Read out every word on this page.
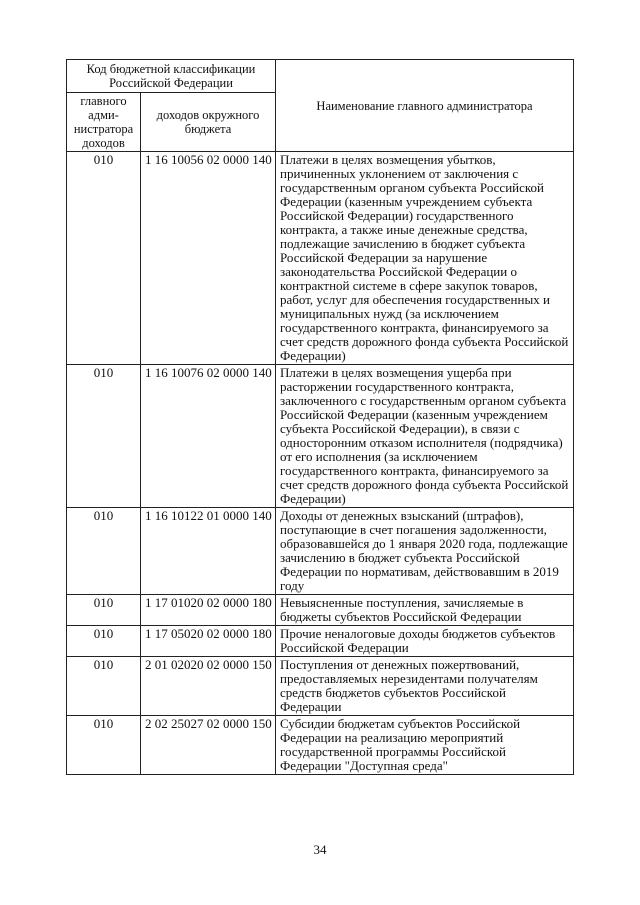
Код бюджетной классификации Российской Федерации		Наименование главного администратора
главного адми-нистратора доходов	доходов окружного бюджета	
010	1 16 10056 02 0000 140	Платежи в целях возмещения убытков, причиненных уклонением от заключения с государственным органом субъекта Российской Федерации (казенным учреждением субъекта Российской Федерации) государственного контракта, а также иные денежные средства, подлежащие зачислению в бюджет субъекта Российской Федерации за нарушение законодательства Российской Федерации о контрактной системе в сфере закупок товаров, работ, услуг для обеспечения государственных и муниципальных нужд (за исключением государственного контракта, финансируемого за счет средств дорожного фонда субъекта Российской Федерации)
010	1 16 10076 02 0000 140	Платежи в целях возмещения ущерба при расторжении государственного контракта, заключенного с государственным органом субъекта Российской Федерации (казенным учреждением субъекта Российской Федерации), в связи с односторонним отказом исполнителя (подрядчика) от его исполнения (за исключением государственного контракта, финансируемого за счет средств дорожного фонда субъекта Российской Федерации)
010	1 16 10122 01 0000 140	Доходы от денежных взысканий (штрафов), поступающие в счет погашения задолженности, образовавшейся до 1 января 2020 года, подлежащие зачислению в бюджет субъекта Российской Федерации по нормативам, действовавшим в 2019 году
010	1 17 01020 02 0000 180	Невыясненные поступления, зачисляемые в бюджеты субъектов Российской Федерации
010	1 17 05020 02 0000 180	Прочие неналоговые доходы бюджетов субъектов Российской Федерации
010	2 01 02020 02 0000 150	Поступления от денежных пожертвований, предоставляемых нерезидентами получателям средств бюджетов субъектов Российской Федерации
010	2 02 25027 02 0000 150	Субсидии бюджетам субъектов Российской Федерации на реализацию мероприятий государственной программы Российской Федерации "Доступная среда"
34
